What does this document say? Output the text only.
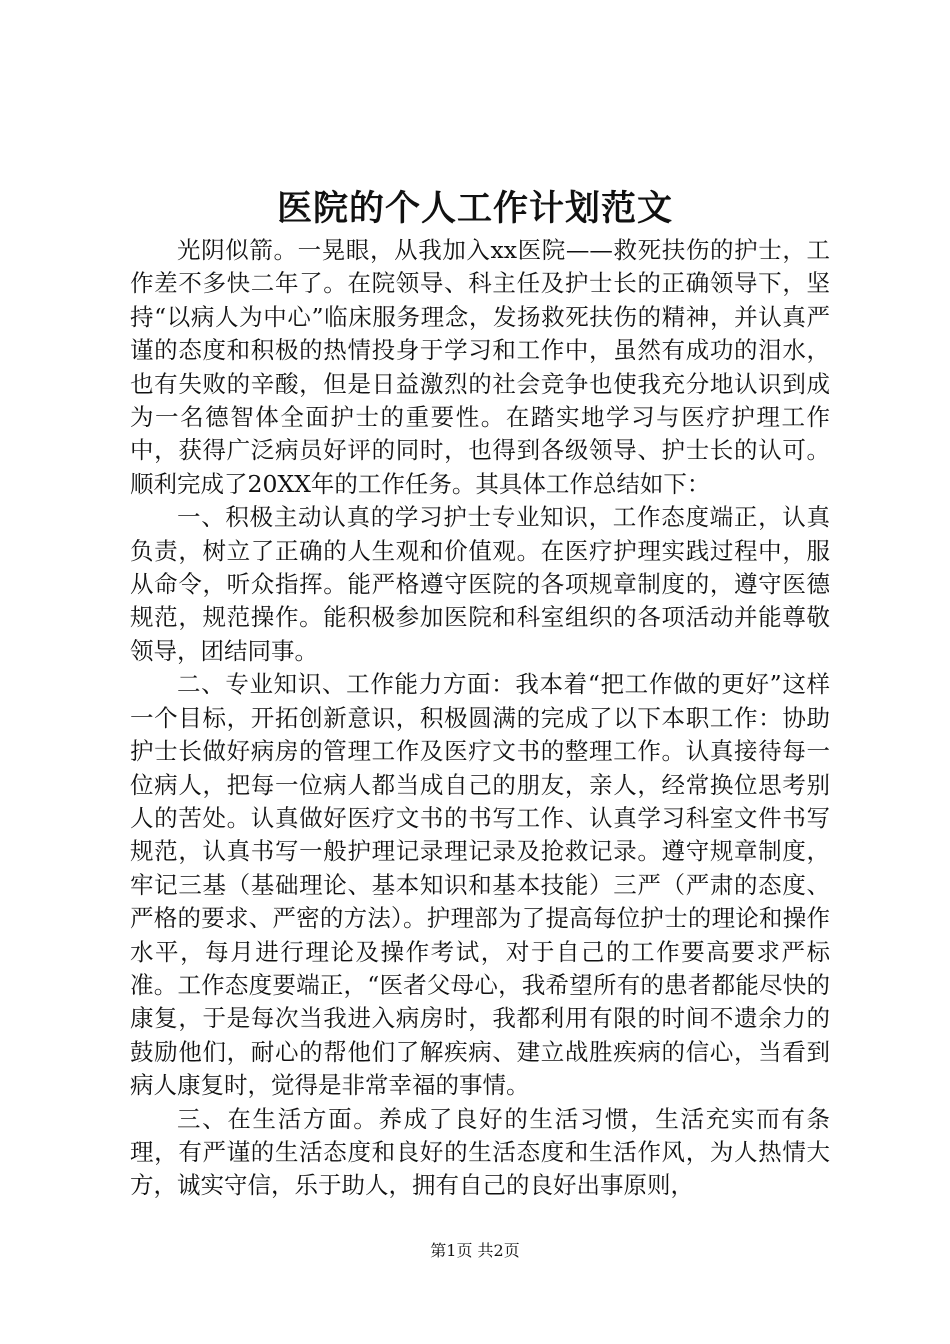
医院的个人工作计划范文

光阴似箭。一晃眼，从我加入xx医院——救死扶伤的护士，工作差不多快二年了。在院领导、科主任及护士长的正确领导下，坚持“以病人为中心”临床服务理念，发扬救死扶伤的精神，并认真严谨的态度和积极的热情投身于学习和工作中，虽然有成功的泪水，也有失败的辛酸，但是日益激烈的社会竞争也使我充分地认识到成为一名德智体全面护士的重要性。在踏实地学习与医疗护理工作中，获得广泛病员好评的同时，也得到各级领导、护士长的认可。顺利完成了20XX年的工作任务。其具体工作总结如下：

一、积极主动认真的学习护士专业知识，工作态度端正，认真负责，树立了正确的人生观和价值观。在医疗护理实践过程中，服从命令，听众指挥。能严格遵守医院的各项规章制度的，遵守医德规范，规范操作。能积极参加医院和科室组织的各项活动并能尊敬领导，团结同事。

二、专业知识、工作能力方面：我本着“把工作做的更好”这样一个目标，开拓创新意识，积极圆满的完成了以下本职工作：协助护士长做好病房的管理工作及医疗文书的整理工作。认真接待每一位病人，把每一位病人都当成自己的朋友，亲人，经常换位思考别人的苦处。认真做好医疗文书的书写工作、认真学习科室文件书写规范，认真书写一般护理记录理记录及抢救记录。遵守规章制度，牢记三基（基础理论、基本知识和基本技能）三严（严肃的态度、严格的要求、严密的方法）。护理部为了提高每位护士的理论和操作水平，每月进行理论及操作考试，对于自己的工作要高要求严标准。工作态度要端正，“医者父母心，我希望所有的患者都能尽快的康复，于是每次当我进入病房时，我都利用有限的时间不遗余力的鼓励他们，耐心的帮他们了解疾病、建立战胜疾病的信心，当看到病人康复时，觉得是非常幸福的事情。

三、在生活方面。养成了良好的生活习惯，生活充实而有条理，有严谨的生活态度和良好的生活态度和生活作风，为人热情大方，诚实守信，乐于助人，拥有自己的良好出事原则，

第1页 共2页
